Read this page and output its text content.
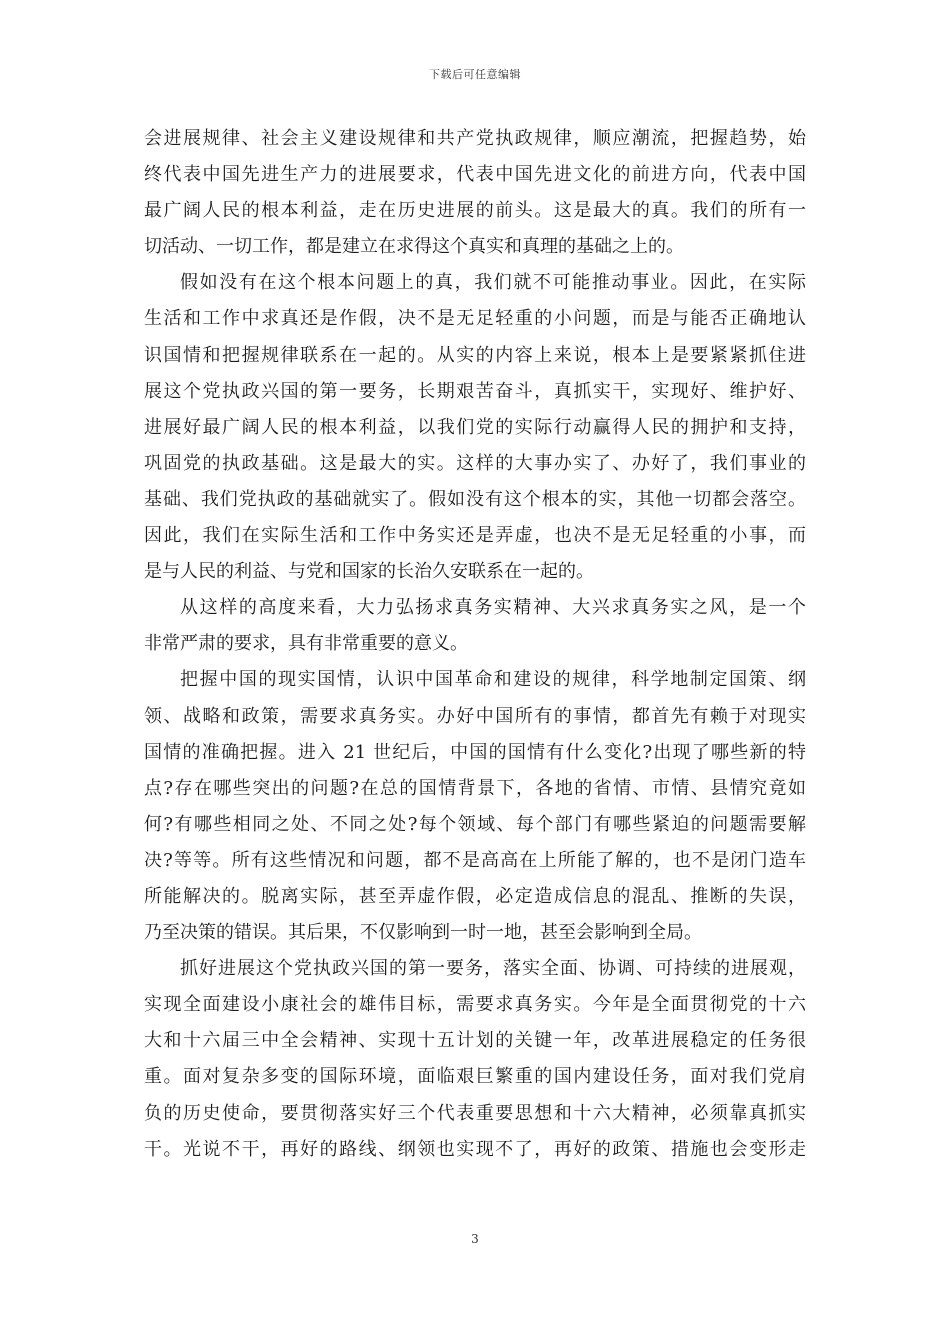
下载后可任意编辑
会进展规律、社会主义建设规律和共产党执政规律，顺应潮流，把握趋势，始
终代表中国先进生产力的进展要求，代表中国先进文化的前进方向，代表中国
最广阔人民的根本利益，走在历史进展的前头。这是最大的真。我们的所有一
切活动、一切工作，都是建立在求得这个真实和真理的基础之上的。
假如没有在这个根本问题上的真，我们就不可能推动事业。因此，在实际
生活和工作中求真还是作假，决不是无足轻重的小问题，而是与能否正确地认
识国情和把握规律联系在一起的。从实的内容上来说，根本上是要紧紧抓住进
展这个党执政兴国的第一要务，长期艰苦奋斗，真抓实干，实现好、维护好、
进展好最广阔人民的根本利益，以我们党的实际行动赢得人民的拥护和支持，
巩固党的执政基础。这是最大的实。这样的大事办实了、办好了，我们事业的
基础、我们党执政的基础就实了。假如没有这个根本的实，其他一切都会落空。
因此，我们在实际生活和工作中务实还是弄虚，也决不是无足轻重的小事，而
是与人民的利益、与党和国家的长治久安联系在一起的。
从这样的高度来看，大力弘扬求真务实精神、大兴求真务实之风，是一个
非常严肃的要求，具有非常重要的意义。
把握中国的现实国情，认识中国革命和建设的规律，科学地制定国策、纲
领、战略和政策，需要求真务实。办好中国所有的事情，都首先有赖于对现实
国情的准确把握。进入 21 世纪后，中国的国情有什么变化?出现了哪些新的特
点?存在哪些突出的问题?在总的国情背景下，各地的省情、市情、县情究竟如
何?有哪些相同之处、不同之处?每个领域、每个部门有哪些紧迫的问题需要解
决?等等。所有这些情况和问题，都不是高高在上所能了解的，也不是闭门造车
所能解决的。脱离实际，甚至弄虚作假，必定造成信息的混乱、推断的失误，
乃至决策的错误。其后果，不仅影响到一时一地，甚至会影响到全局。
抓好进展这个党执政兴国的第一要务，落实全面、协调、可持续的进展观，
实现全面建设小康社会的雄伟目标，需要求真务实。今年是全面贯彻党的十六
大和十六届三中全会精神、实现十五计划的关键一年，改革进展稳定的任务很
重。面对复杂多变的国际环境，面临艰巨繁重的国内建设任务，面对我们党肩
负的历史使命，要贯彻落实好三个代表重要思想和十六大精神，必须靠真抓实
干。光说不干，再好的路线、纲领也实现不了，再好的政策、措施也会变形走
3
